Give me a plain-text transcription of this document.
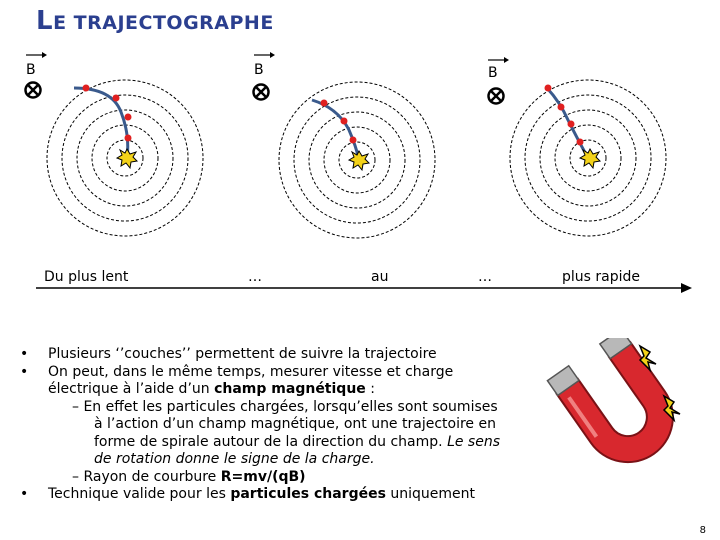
LE TRAJECTOGRAPHE
B	B	B
Du plus lent	…	au	…	plus rapide
• Plusieurs ‘’couches’’ permettent de suivre la trajectoire
• On peut, dans le même temps, mesurer vitesse et charge
électrique à l’aide d’un champ magnétique :
– En effet les particules chargées, lorsqu’elles sont soumises à l’action d’un champ magnétique, ont une trajectoire en forme de spirale autour de la direction du champ. Le sens de rotation donne le signe de la charge.
– Rayon de courbure R=mv/(qB)
• Technique valide pour les particules chargées uniquement
8
